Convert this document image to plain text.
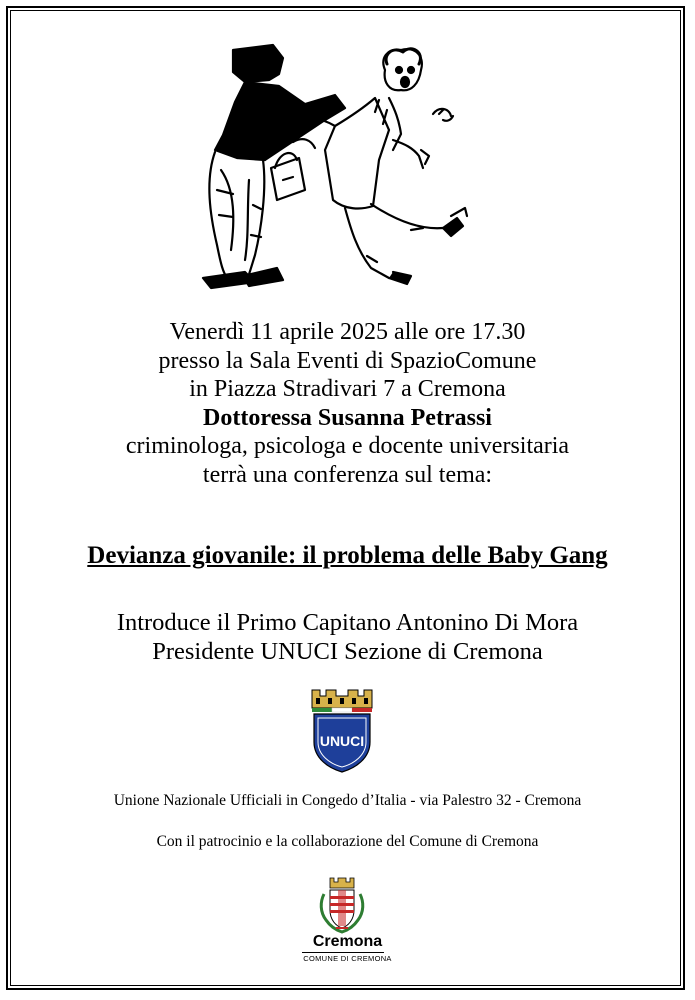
Venerdì 11 aprile 2025 alle ore 17.30
presso la Sala Eventi di SpazioComune
in Piazza Stradivari 7 a Cremona
Dottoressa Susanna Petrassi
criminologa, psicologa e docente universitaria
terrà una conferenza sul tema:
Devianza giovanile: il problema delle Baby Gang
Introduce il Primo Capitano Antonino Di Mora
Presidente UNUCI Sezione di Cremona
UNUCI
Unione Nazionale Ufficiali in Congedo d’Italia - via Palestro 32 - Cremona
Con il patrocinio e la collaborazione del Comune di Cremona
Cremona
COMUNE DI CREMONA
